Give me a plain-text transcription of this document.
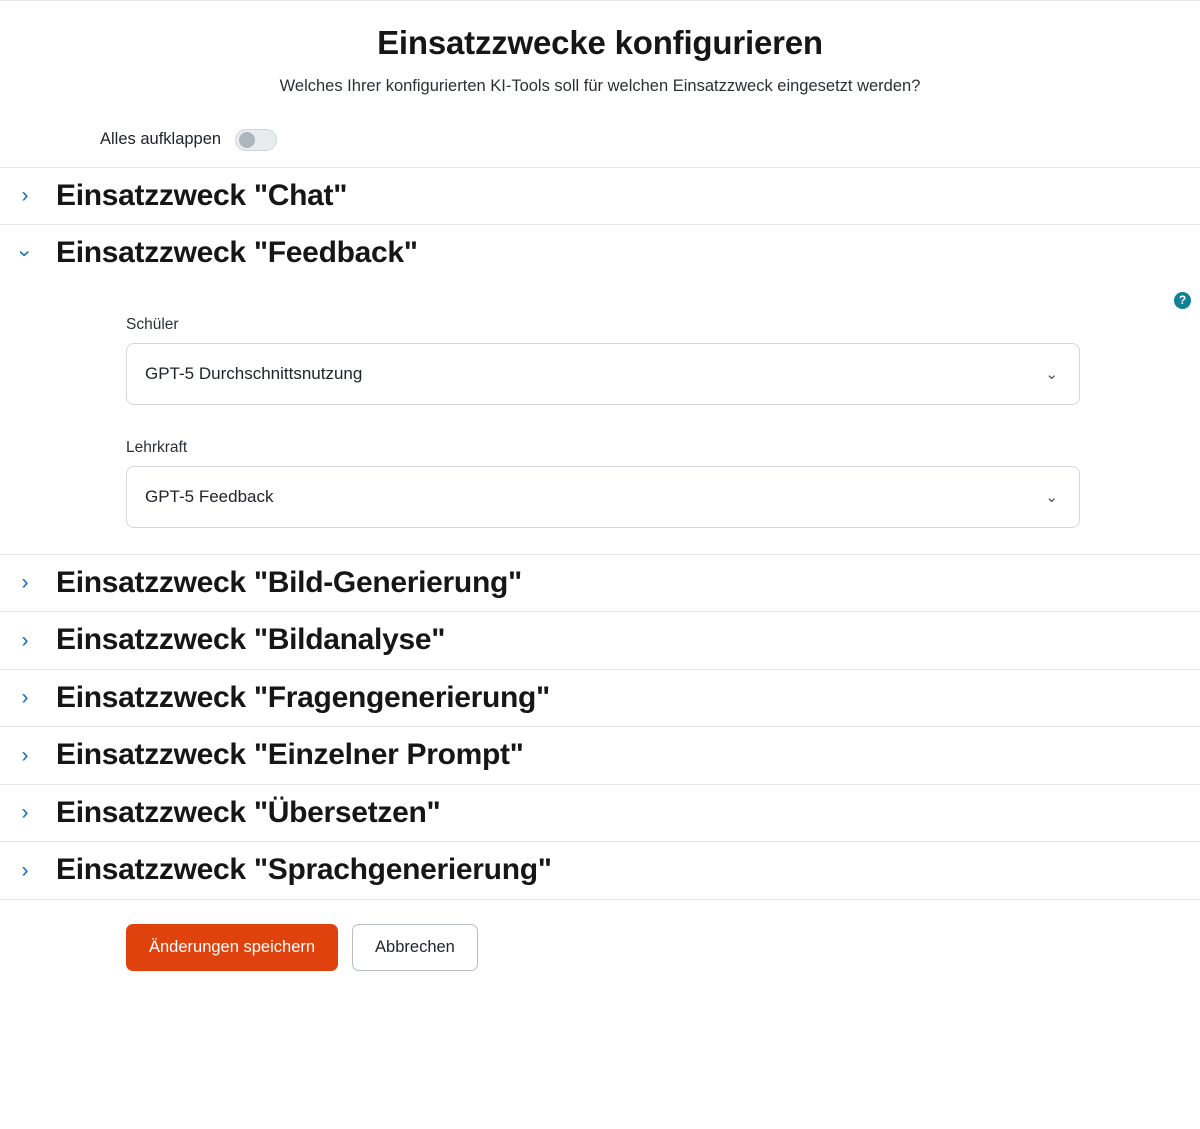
Einsatzzwecke konfigurieren

Welches Ihrer konfigurierten KI-Tools soll für welchen Einsatzzweck eingesetzt werden?

Alles aufklappen
› Einsatzzweck "Chat"
› Einsatzzweck "Feedback"
?
Schüler
GPT-5 Durchschnittsnutzung	⌄
Lehrkraft
GPT-5 Feedback	⌄
› Einsatzzweck "Bild-Generierung"
› Einsatzzweck "Bildanalyse"
› Einsatzzweck "Fragengenerierung"
› Einsatzzweck "Einzelner Prompt"
› Einsatzzweck "Übersetzen"
› Einsatzzweck "Sprachgenerierung"
Änderungen speichern	Abbrechen
